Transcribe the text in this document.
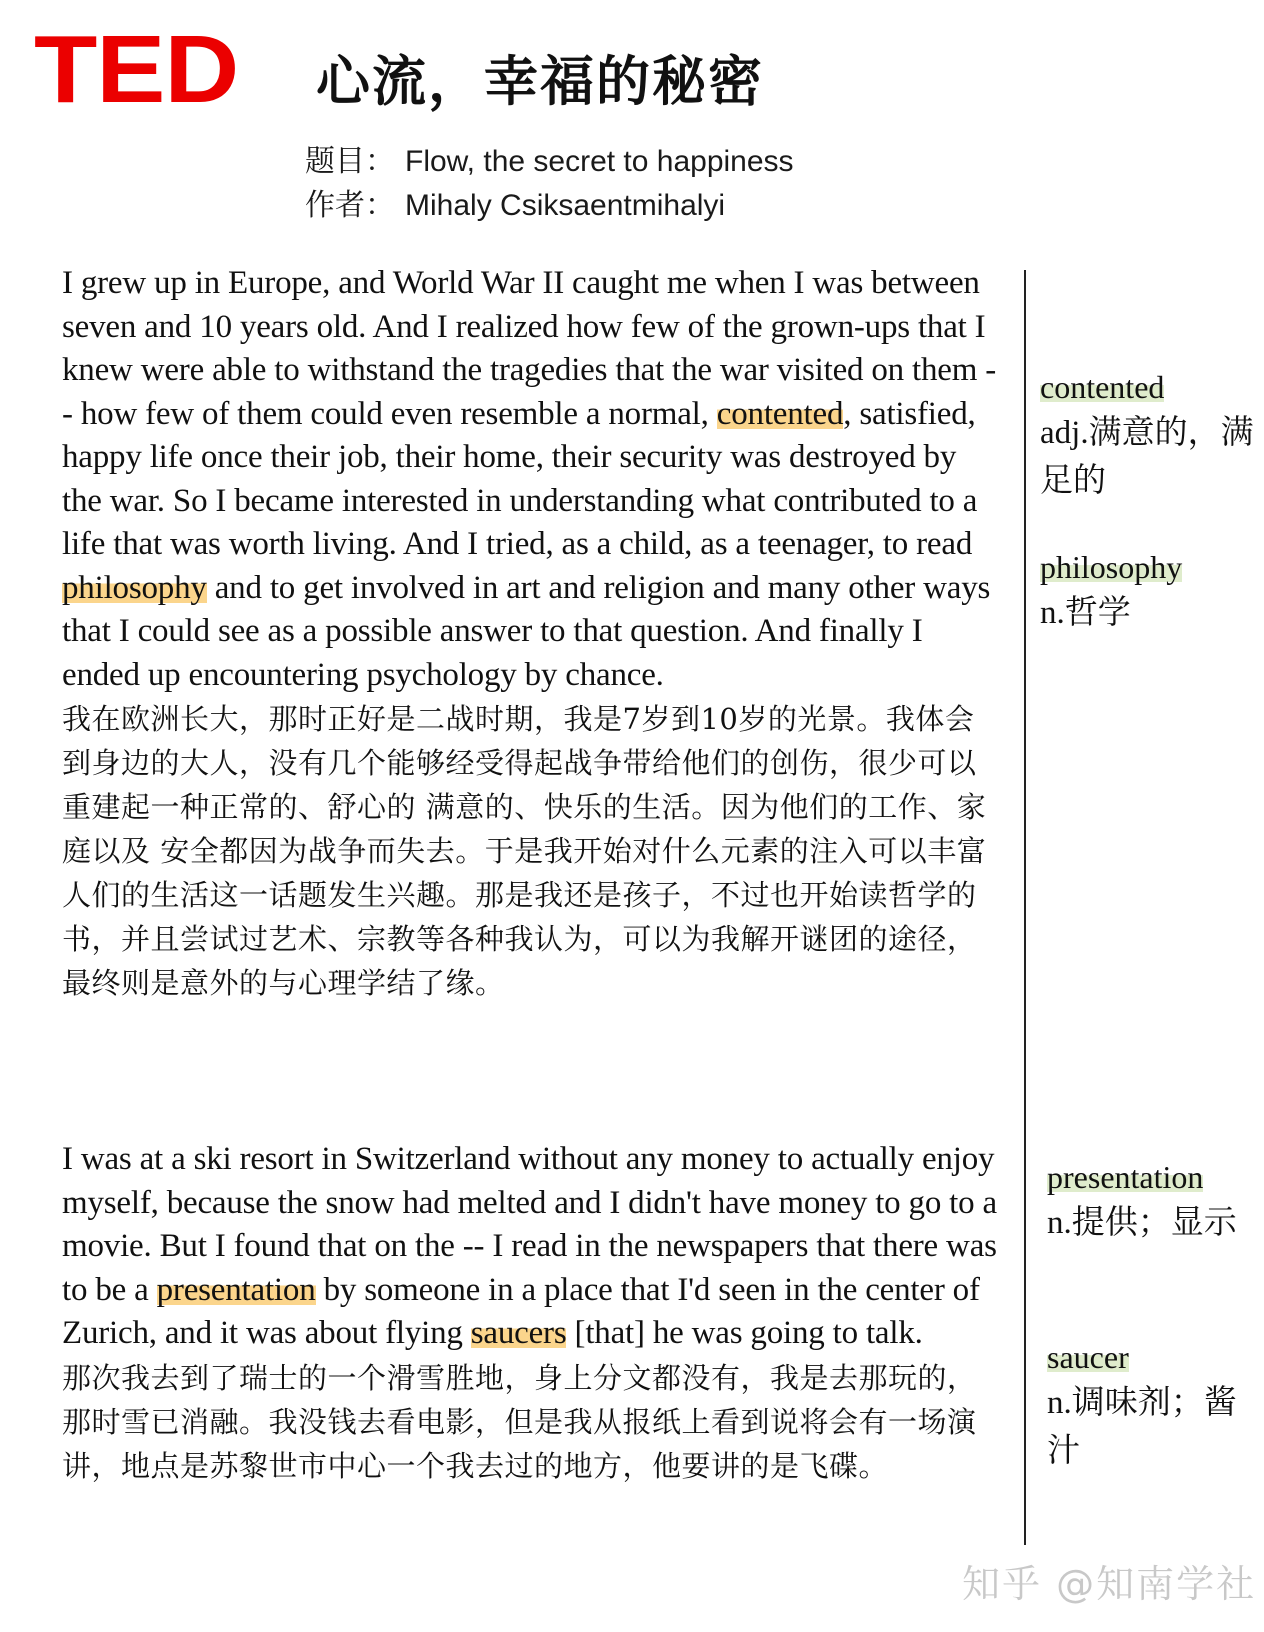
TED 心流，幸福的秘密
题目： Flow, the secret to happiness
作者： Mihaly Csiksaentmihalyi

I grew up in Europe, and World War II caught me when I was between seven and 10 years old. And I realized how few of the grown-ups that I knew were able to withstand the tragedies that the war visited on them -- how few of them could even resemble a normal, contented, satisfied, happy life once their job, their home, their security was destroyed by the war. So I became interested in understanding what contributed to a life that was worth living. And I tried, as a child, as a teenager, to read philosophy and to get involved in art and religion and many other ways that I could see as a possible answer to that question. And finally I ended up encountering psychology by chance.

我在欧洲长大，那时正好是二战时期，我是7岁到10岁的光景。我体会到身边的大人，没有几个能够经受得起战争带给他们的创伤，很少可以重建起一种正常的、舒心的 满意的、快乐的生活。因为他们的工作、家庭以及 安全都因为战争而失去。于是我开始对什么元素的注入可以丰富人们的生活这一话题发生兴趣。那是我还是孩子，不过也开始读哲学的书，并且尝试过艺术、宗教等各种我认为，可以为我解开谜团的途径，最终则是意外的与心理学结了缘。

I was at a ski resort in Switzerland without any money to actually enjoy myself, because the snow had melted and I didn't have money to go to a movie. But I found that on the -- I read in the newspapers that there was to be a presentation by someone in a place that I'd seen in the center of Zurich, and it was about flying saucers [that] he was going to talk.

那次我去到了瑞士的一个滑雪胜地，身上分文都没有，我是去那玩的，那时雪已消融。我没钱去看电影，但是我从报纸上看到说将会有一场演讲，地点是苏黎世市中心一个我去过的地方，他要讲的是飞碟。

contented
adj.满意的，满足的
philosophy
n.哲学
presentation
n.提供；显示
saucer
n.调味剂；酱汁
知乎 @知南学社
